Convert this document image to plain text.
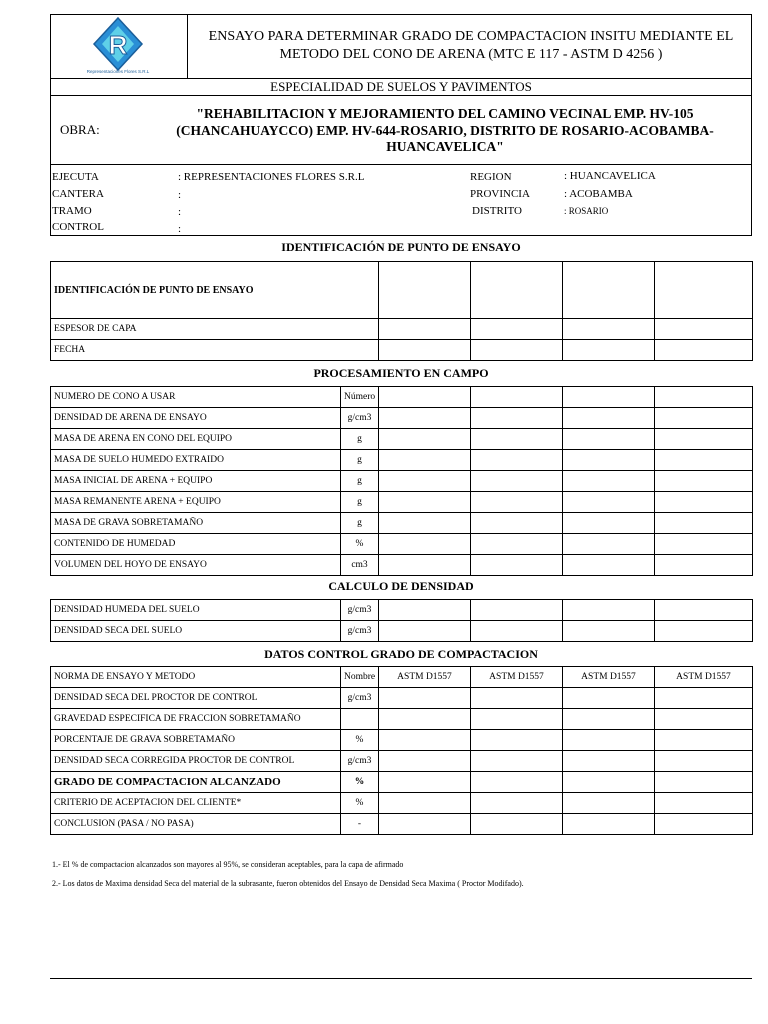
R
Representaciones Flores S.R.L
ENSAYO PARA DETERMINAR GRADO DE COMPACTACION INSITU MEDIANTE EL
METODO DEL CONO DE ARENA (MTC E 117 - ASTM D 4256 )
ESPECIALIDAD DE SUELOS Y PAVIMENTOS
OBRA:
"REHABILITACION Y MEJORAMIENTO DEL CAMINO VECINAL EMP. HV-105
(CHANCAHUAYCCO) EMP. HV-644-ROSARIO, DISTRITO DE ROSARIO-ACOBAMBA-
HUANCAVELICA"
EJECUTA	: REPRESENTACIONES FLORES S.R.L
CANTERA	:
TRAMO	:
CONTROL	:
REGION	: HUANCAVELICA
PROVINCIA	: ACOBAMBA
DISTRITO	: ROSARIO
IDENTIFICACIÓN DE PUNTO DE ENSAYO
IDENTIFICACIÓN DE PUNTO DE ENSAYO				
ESPESOR DE CAPA				
FECHA				
PROCESAMIENTO EN CAMPO
NUMERO DE CONO A USAR	Número				
DENSIDAD DE ARENA DE ENSAYO	g/cm3				
MASA DE ARENA EN CONO DEL EQUIPO	g				
MASA DE SUELO HUMEDO EXTRAIDO	g				
MASA INICIAL DE ARENA + EQUIPO	g				
MASA REMANENTE ARENA + EQUIPO	g				
MASA DE GRAVA SOBRETAMAÑO	g				
CONTENIDO DE HUMEDAD	%				
VOLUMEN DEL HOYO DE ENSAYO	cm3				
CALCULO DE DENSIDAD
DENSIDAD HUMEDA DEL SUELO	g/cm3				
DENSIDAD SECA DEL SUELO	g/cm3				
DATOS CONTROL GRADO DE COMPACTACION
NORMA DE ENSAYO Y METODO	Nombre	ASTM D1557	ASTM D1557	ASTM D1557	ASTM D1557
DENSIDAD SECA DEL PROCTOR DE CONTROL	g/cm3				
GRAVEDAD ESPECIFICA DE FRACCION SOBRETAMAÑO					
PORCENTAJE DE GRAVA SOBRETAMAÑO	%				
DENSIDAD SECA CORREGIDA PROCTOR DE CONTROL	g/cm3				
GRADO DE COMPACTACION ALCANZADO	%				
CRITERIO DE ACEPTACION DEL CLIENTE*	%				
CONCLUSION (PASA / NO PASA)	-				
1.- El % de compactacion alcanzados son mayores al 95%, se consideran aceptables, para la capa de afirmado
2.- Los datos de Maxima densidad Seca del material de la subrasante, fueron obtenidos del Ensayo de Densidad Seca Maxima ( Proctor Modifado).
